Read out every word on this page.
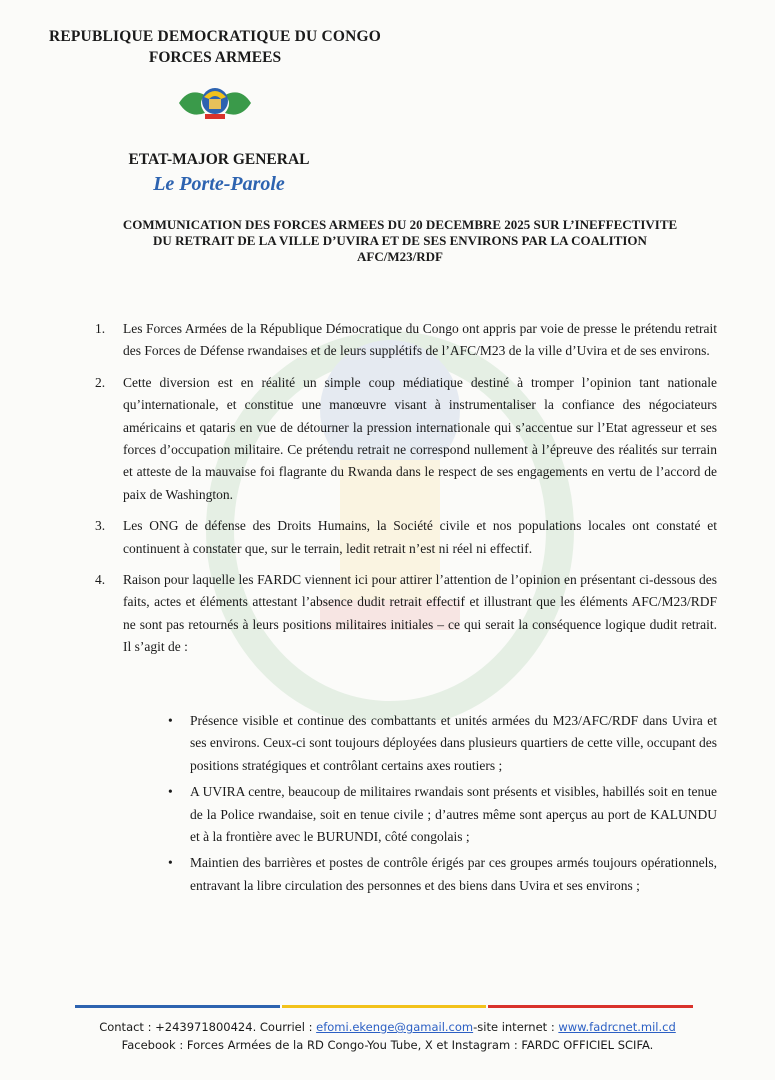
REPUBLIQUE DEMOCRATIQUE DU CONGO
FORCES ARMEES
ETAT-MAJOR GENERAL
Le Porte-Parole
COMMUNICATION DES FORCES ARMEES DU 20 DECEMBRE 2025 SUR L’INEFFECTIVITE
DU RETRAIT DE LA VILLE D’UVIRA ET DE SES ENVIRONS PAR LA COALITION
AFC/M23/RDF
1. Les Forces Armées de la République Démocratique du Congo ont appris par voie de presse le prétendu retrait des Forces de Défense rwandaises et de leurs supplétifs de l’AFC/M23 de la ville d’Uvira et de ses environs.
2. Cette diversion est en réalité un simple coup médiatique destiné à tromper l’opinion tant nationale qu’internationale, et constitue une manœuvre visant à instrumentaliser la confiance des négociateurs américains et qataris en vue de détourner la pression internationale qui s’accentue sur l’Etat agresseur et ses forces d’occupation militaire. Ce prétendu retrait ne correspond nullement à l’épreuve des réalités sur terrain et atteste de la mauvaise foi flagrante du Rwanda dans le respect de ses engagements en vertu de l’accord de paix de Washington.
3. Les ONG de défense des Droits Humains, la Société civile et nos populations locales ont constaté et continuent à constater que, sur le terrain, ledit retrait n’est ni réel ni effectif.
4. Raison pour laquelle les FARDC viennent ici pour attirer l’attention de l’opinion en présentant ci-dessous des faits, actes et éléments attestant l’absence dudit retrait effectif et illustrant que les éléments AFC/M23/RDF ne sont pas retournés à leurs positions militaires initiales – ce qui serait la conséquence logique dudit retrait. Il s’agit de :
• Présence visible et continue des combattants et unités armées du M23/AFC/RDF dans Uvira et ses environs. Ceux-ci sont toujours déployées dans plusieurs quartiers de cette ville, occupant des positions stratégiques et contrôlant certains axes routiers ;
• A UVIRA centre, beaucoup de militaires rwandais sont présents et visibles, habillés soit en tenue de la Police rwandaise, soit en tenue civile ; d’autres même sont aperçus au port de KALUNDU et à la frontière avec le BURUNDI, côté congolais ;
• Maintien des barrières et postes de contrôle érigés par ces groupes armés toujours opérationnels, entravant la libre circulation des personnes et des biens dans Uvira et ses environs ;
Contact : +243971800424. Courriel : efomi.ekenge@gamail.com-site internet : www.fadrcnet.mil.cd
Facebook : Forces Armées de la RD Congo-You Tube, X et Instagram : FARDC OFFICIEL SCIFA.
